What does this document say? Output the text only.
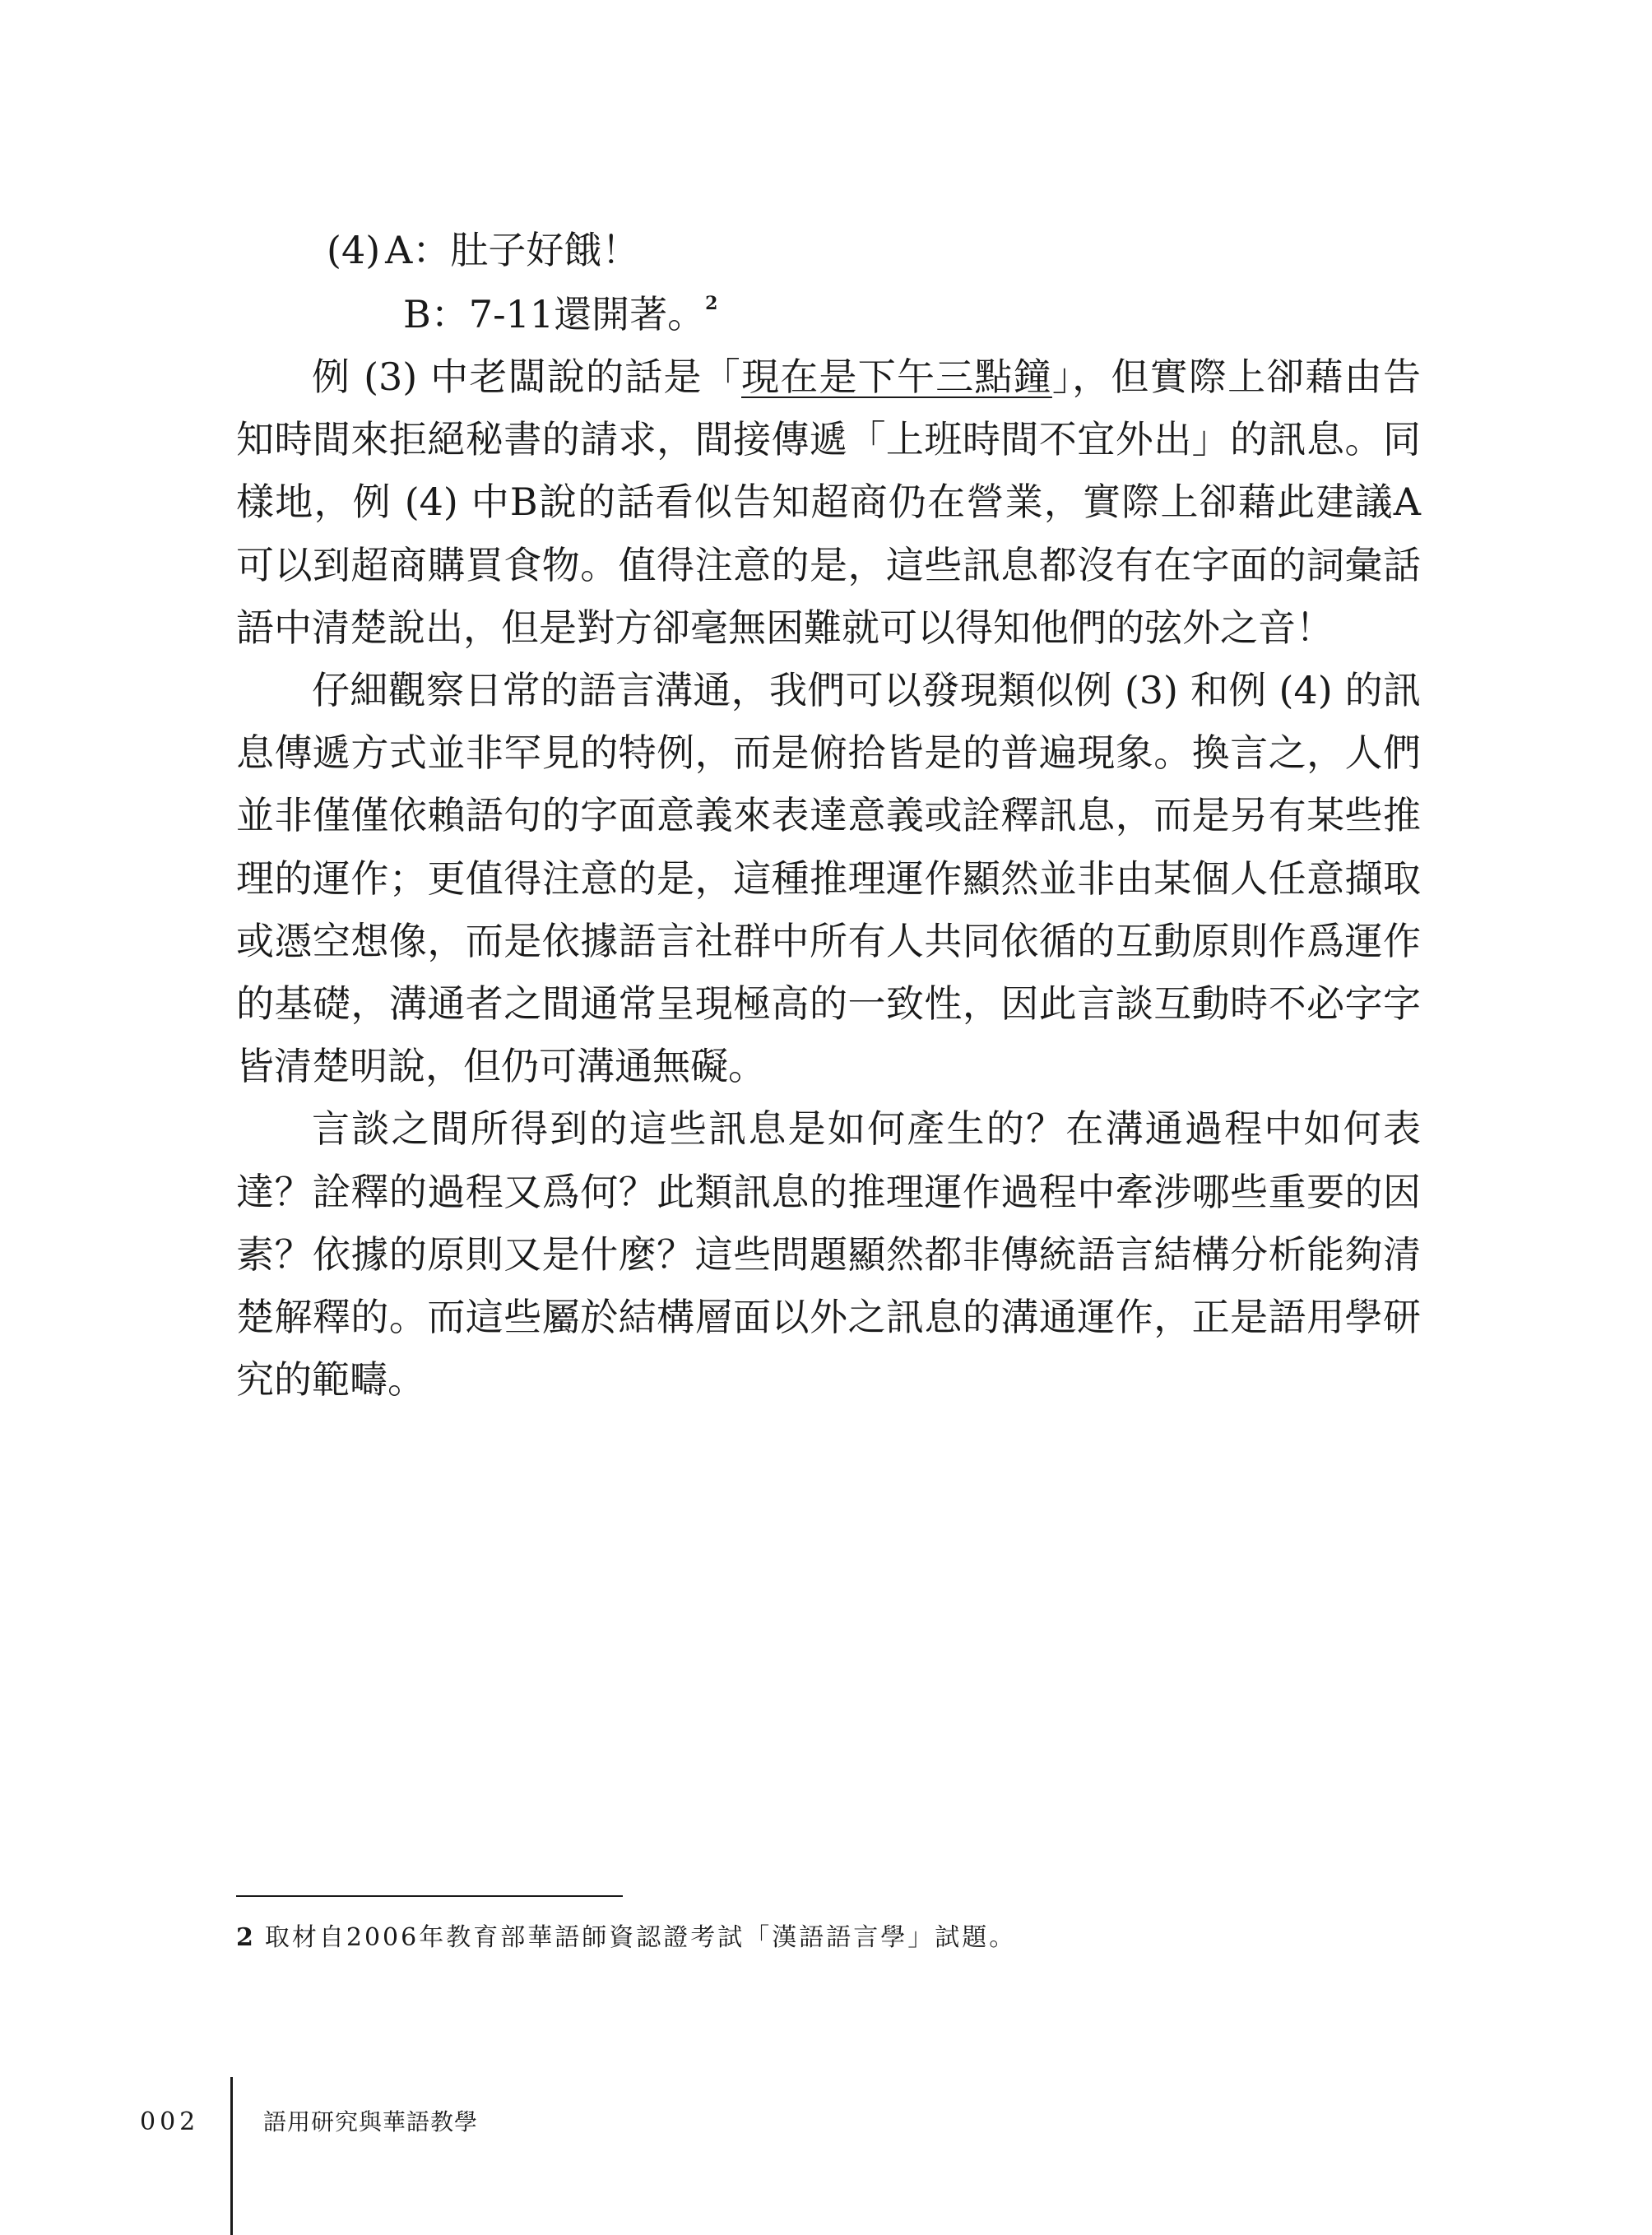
(4) A：肚子好餓！
B：7-11還開著。$^2$

例 (3) 中老闆說的話是「現在是下午三點鐘」，但實際上卻藉由告知時間來拒絕秘書的請求，間接傳遞「上班時間不宜外出」的訊息。同樣地，例 (4) 中B說的話看似告知超商仍在營業，實際上卻藉此建議A可以到超商購買食物。值得注意的是，這些訊息都沒有在字面的詞彙話語中清楚說出，但是對方卻毫無困難就可以得知他們的弦外之音！

仔細觀察日常的語言溝通，我們可以發現類似例 (3) 和例 (4) 的訊息傳遞方式並非罕見的特例，而是俯拾皆是的普遍現象。換言之，人們並非僅僅依賴語句的字面意義來表達意義或詮釋訊息，而是另有某些推理的運作；更值得注意的是，這種推理運作顯然並非由某個人任意擷取或憑空想像，而是依據語言社群中所有人共同依循的互動原則作爲運作的基礎，溝通者之間通常呈現極高的一致性，因此言談互動時不必字字皆清楚明說，但仍可溝通無礙。

言談之間所得到的這些訊息是如何產生的？在溝通過程中如何表達？詮釋的過程又爲何？此類訊息的推理運作過程中牽涉哪些重要的因素？依據的原則又是什麼？這些問題顯然都非傳統語言結構分析能夠清楚解釋的。而這些屬於結構層面以外之訊息的溝通運作，正是語用學研究的範疇。

2 取材自2006年教育部華語師資認證考試「漢語語言學」試題。
002	語用研究與華語教學
